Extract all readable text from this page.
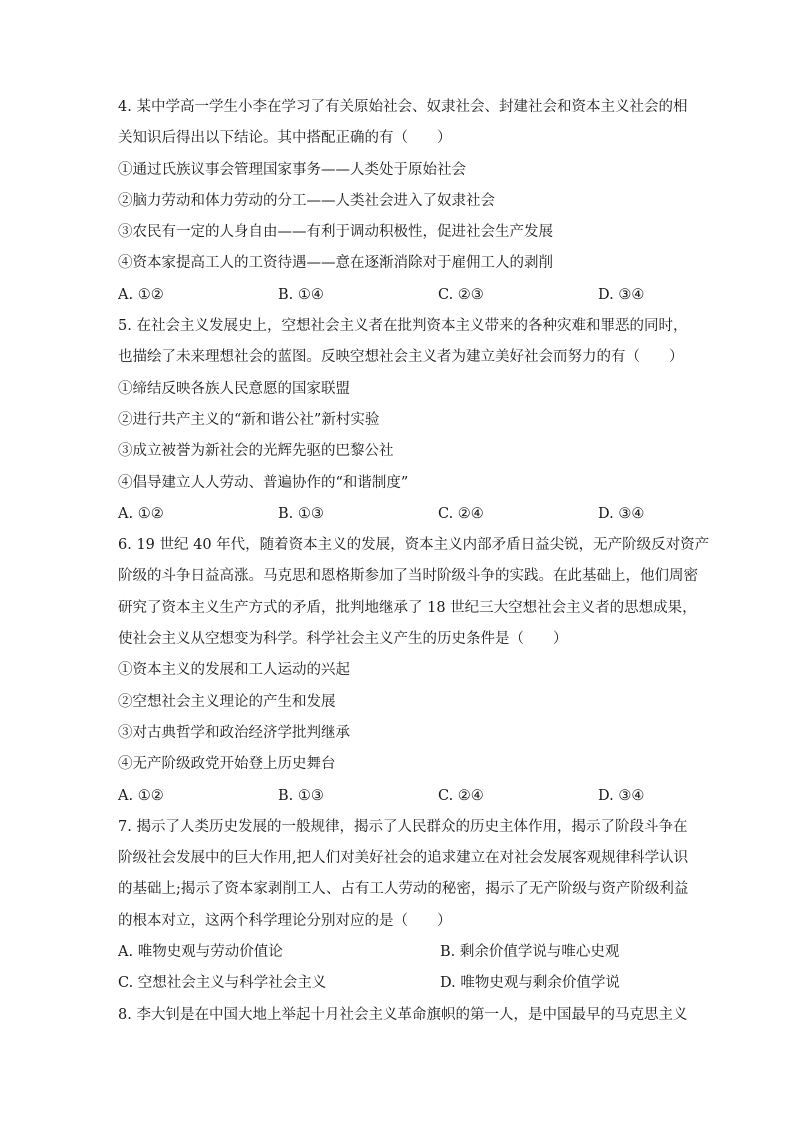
4. 某中学高一学生小李在学习了有关原始社会、奴隶社会、封建社会和资本主义社会的相
关知识后得出以下结论。其中搭配正确的有（　　）
①通过氏族议事会管理国家事务——人类处于原始社会
②脑力劳动和体力劳动的分工——人类社会进入了奴隶社会
③农民有一定的人身自由——有利于调动积极性，促进社会生产发展
④资本家提高工人的工资待遇——意在逐渐消除对于雇佣工人的剥削
A. ①②	B. ①④	C. ②③	D. ③④
5. 在社会主义发展史上，空想社会主义者在批判资本主义带来的各种灾难和罪恶的同时，
也描绘了未来理想社会的蓝图。反映空想社会主义者为建立美好社会而努力的有（　　）
①缔结反映各族人民意愿的国家联盟
②进行共产主义的“新和谐公社”新村实验
③成立被誉为新社会的光辉先驱的巴黎公社
④倡导建立人人劳动、普遍协作的“和谐制度”
A. ①②	B. ①③	C. ②④	D. ③④
6. 19 世纪 40 年代，随着资本主义的发展，资本主义内部矛盾日益尖锐，无产阶级反对资产
阶级的斗争日益高涨。马克思和恩格斯参加了当时阶级斗争的实践。在此基础上，他们周密
研究了资本主义生产方式的矛盾，批判地继承了 18 世纪三大空想社会主义者的思想成果，
使社会主义从空想变为科学。科学社会主义产生的历史条件是（　　）
①资本主义的发展和工人运动的兴起
②空想社会主义理论的产生和发展
③对古典哲学和政治经济学批判继承
④无产阶级政党开始登上历史舞台
A. ①②	B. ①③	C. ②④	D. ③④
7. 揭示了人类历史发展的一般规律，揭示了人民群众的历史主体作用，揭示了阶段斗争在
阶级社会发展中的巨大作用,把人们对美好社会的追求建立在对社会发展客观规律科学认识
的基础上;揭示了资本家剥削工人、占有工人劳动的秘密，揭示了无产阶级与资产阶级利益
的根本对立，这两个科学理论分别对应的是（　　）
A. 唯物史观与劳动价值论	B. 剩余价值学说与唯心史观
C. 空想社会主义与科学社会主义	D. 唯物史观与剩余价值学说
8. 李大钊是在中国大地上举起十月社会主义革命旗帜的第一人，是中国最早的马克思主义
